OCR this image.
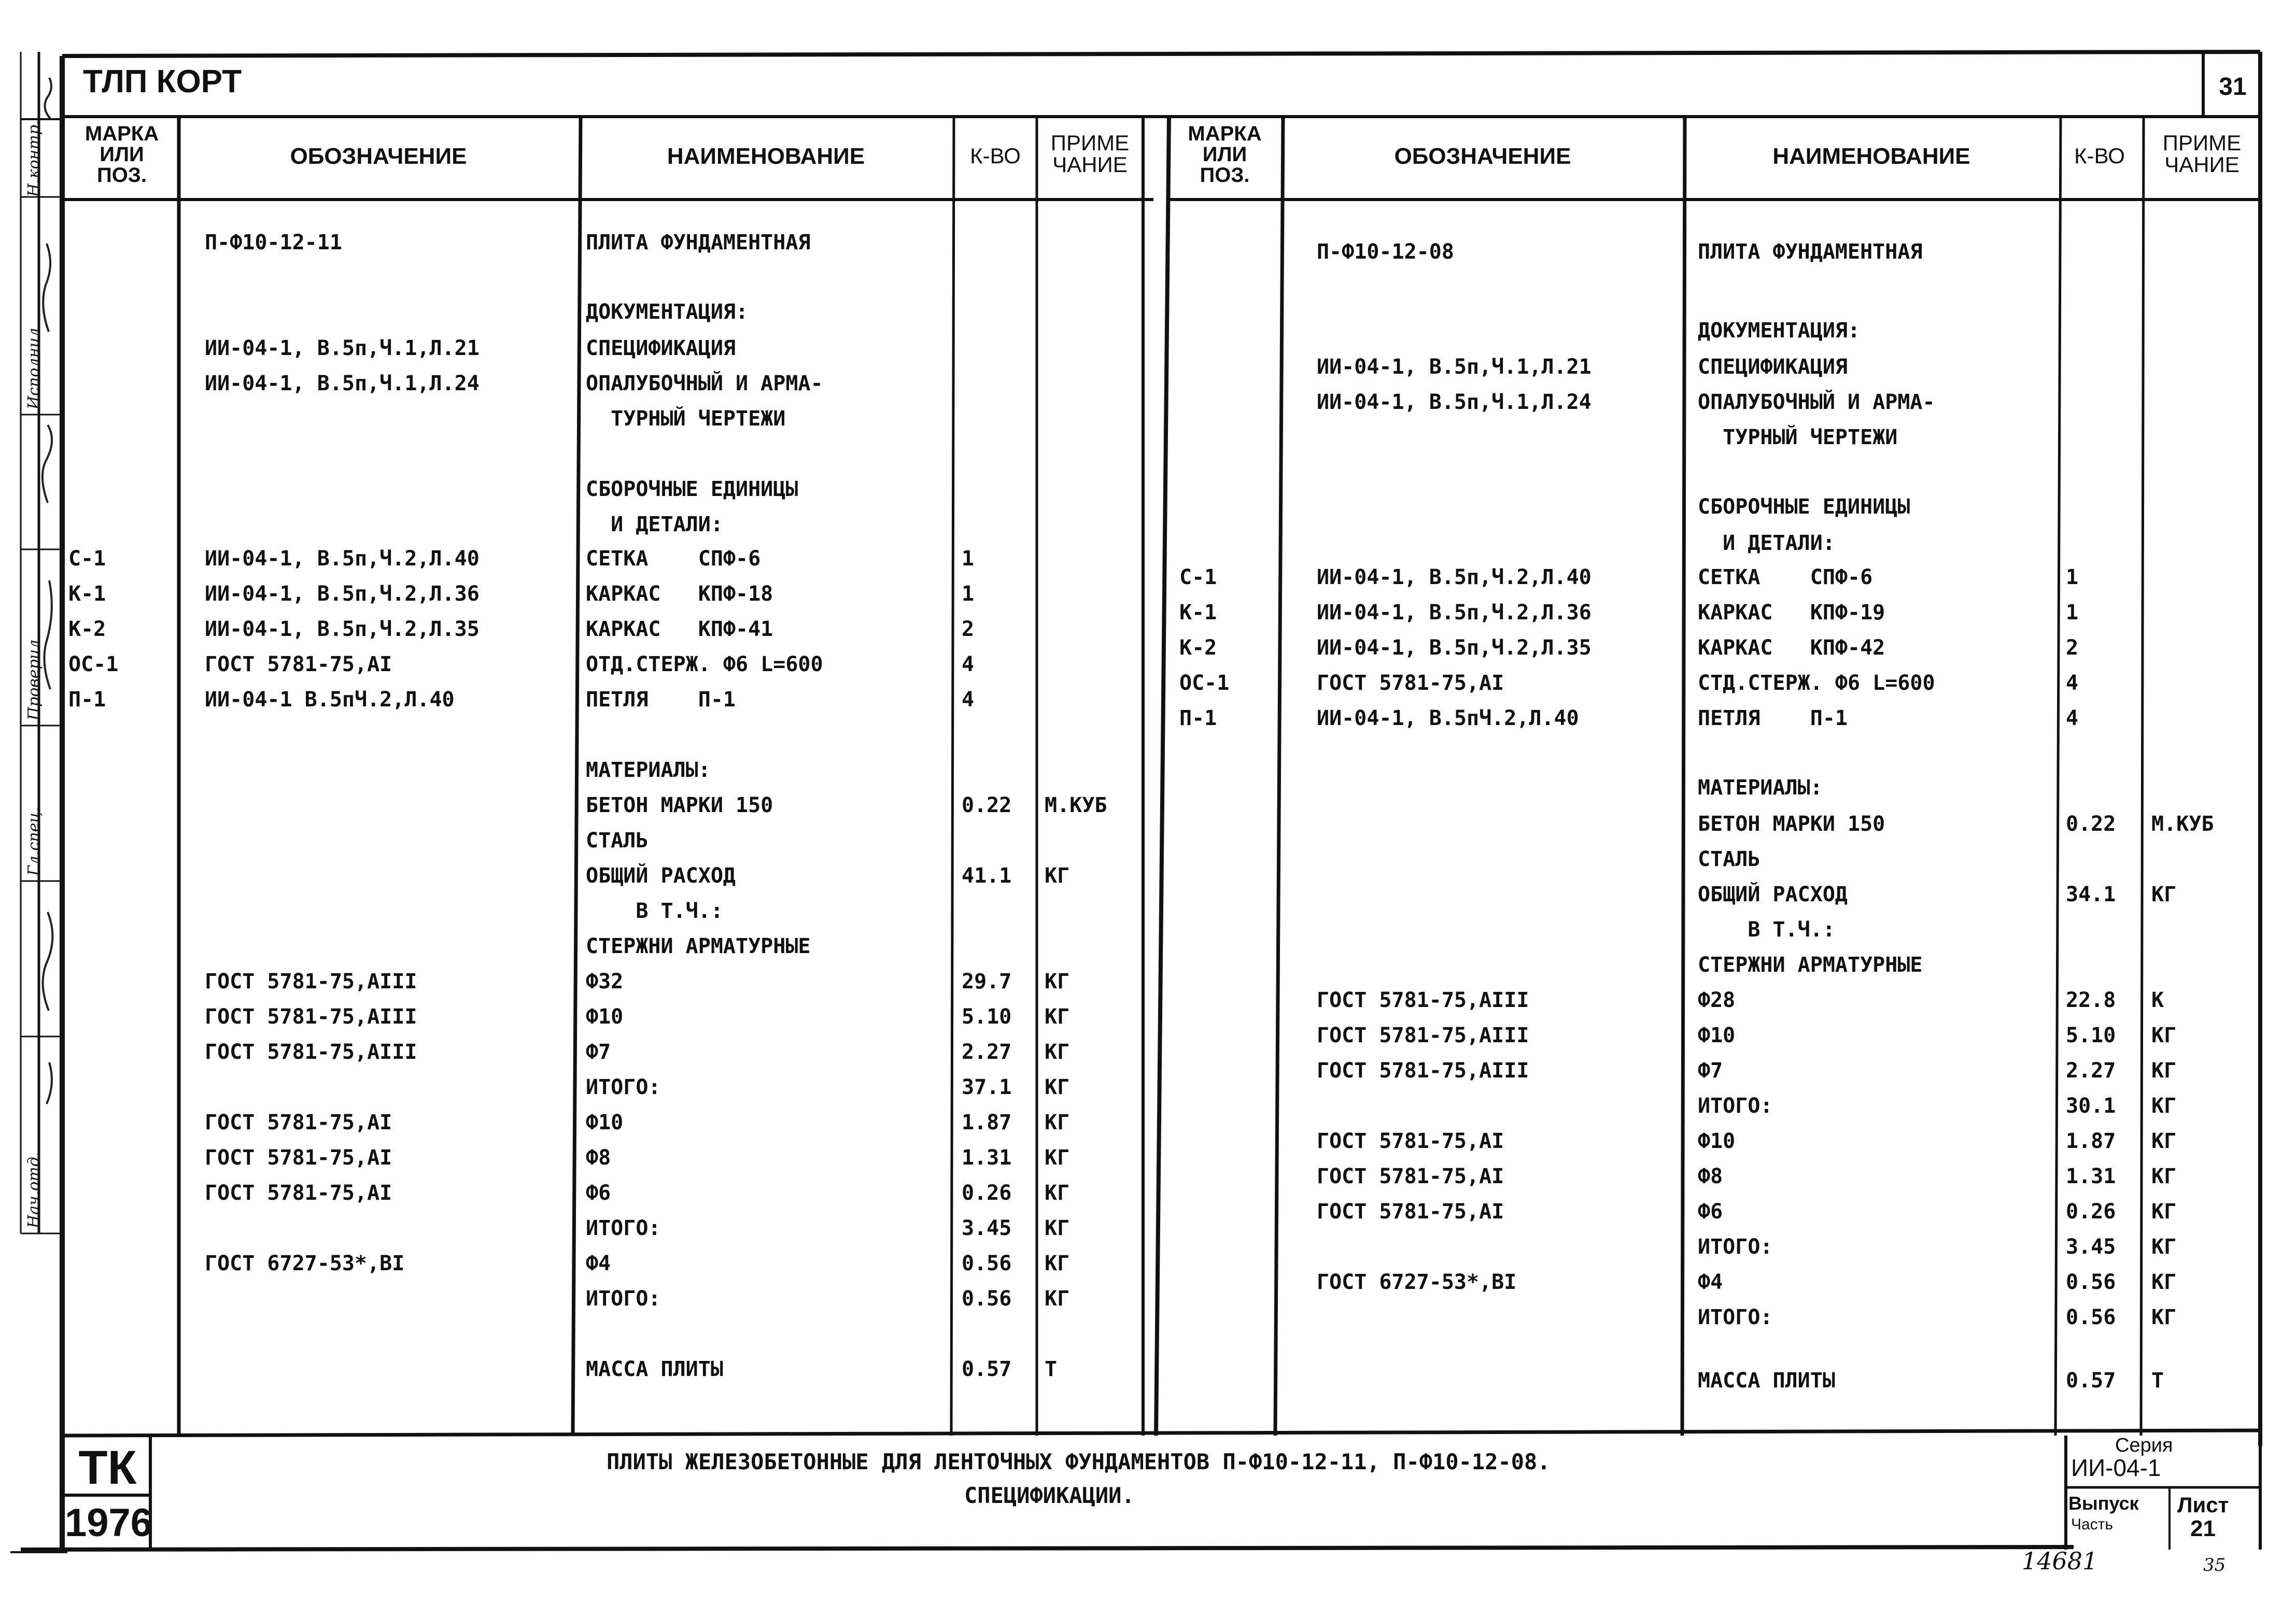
ТЛП КОРТ	31
МАРКА
ИЛИ
ПОЗ.
ОБОЗНАЧЕНИЕ	НАИМЕНОВАНИЕ	К-ВО
ПРИМЕ
ЧАНИЕ
МАРКА
ИЛИ
ПОЗ.
ОБОЗНАЧЕНИЕ	НАИМЕНОВАНИЕ	К-ВО
ПРИМЕ
ЧАНИЕ
П-Ф10-12-11	ПЛИТА ФУНДАМЕНТНАЯ
ДОКУМЕНТАЦИЯ:
ИИ-04-1, В.5п,Ч.1,Л.21	СПЕЦИФИКАЦИЯ
ИИ-04-1, В.5п,Ч.1,Л.24	ОПАЛУБОЧНЫЙ И АРМА-
ТУРНЫЙ ЧЕРТЕЖИ
СБОРОЧНЫЕ ЕДИНИЦЫ
И ДЕТАЛИ:
С-1	ИИ-04-1, В.5п,Ч.2,Л.40	СЕТКА    СПФ-6	1
К-1	ИИ-04-1, В.5п,Ч.2,Л.36	КАРКАС   КПФ-18	1
К-2	ИИ-04-1, В.5п,Ч.2,Л.35	КАРКАС   КПФ-41	2
ОС-1	ГОСТ 5781-75,AI	ОТД.СТЕРЖ. Ф6 L=600	4
П-1	ИИ-04-1 В.5пЧ.2,Л.40	ПЕТЛЯ    П-1	4
МАТЕРИАЛЫ:
БЕТОН МАРКИ 150	0.22 М.КУБ
СТАЛЬ
ОБЩИЙ РАСХОД	41.1 КГ
В Т.Ч.:
СТЕРЖНИ АРМАТУРНЫЕ
ГОСТ 5781-75,AIII	Ф32	29.7 КГ
ГОСТ 5781-75,AIII	Ф10	5.10 КГ
ГОСТ 5781-75,AIII	Ф7	2.27 КГ
ИТОГО:	37.1 КГ
ГОСТ 5781-75,AI	Ф10	1.87 КГ
ГОСТ 5781-75,AI	Ф8	1.31 КГ
ГОСТ 5781-75,AI	Ф6	0.26 КГ
ИТОГО:	3.45 КГ
ГОСТ 6727-53*,BI	Ф4	0.56 КГ
ИТОГО:	0.56 КГ
МАССА ПЛИТЫ	0.57 Т
П-Ф10-12-08	ПЛИТА ФУНДАМЕНТНАЯ
ДОКУМЕНТАЦИЯ:
ИИ-04-1, В.5п,Ч.1,Л.21	СПЕЦИФИКАЦИЯ
ИИ-04-1, В.5п,Ч.1,Л.24	ОПАЛУБОЧНЫЙ И АРМА-
ТУРНЫЙ ЧЕРТЕЖИ
СБОРОЧНЫЕ ЕДИНИЦЫ
И ДЕТАЛИ:
С-1	ИИ-04-1, В.5п,Ч.2,Л.40	СЕТКА    СПФ-6	1
К-1	ИИ-04-1, В.5п,Ч.2,Л.36	КАРКАС   КПФ-19	1
К-2	ИИ-04-1, В.5п,Ч.2,Л.35	КАРКАС   КПФ-42	2
ОС-1	ГОСТ 5781-75,AI	СТД.СТЕРЖ. Ф6 L=600	4
П-1	ИИ-04-1, В.5пЧ.2,Л.40	ПЕТЛЯ    П-1	4
МАТЕРИАЛЫ:
БЕТОН МАРКИ 150	0.22 М.КУБ
СТАЛЬ
ОБЩИЙ РАСХОД	34.1 КГ
В Т.Ч.:
СТЕРЖНИ АРМАТУРНЫЕ
ГОСТ 5781-75,AIII	Ф28	22.8 К
ГОСТ 5781-75,AIII	Ф10	5.10 КГ
ГОСТ 5781-75,AIII	Ф7	2.27 КГ
ИТОГО:	30.1 КГ
ГОСТ 5781-75,AI	Ф10	1.87 КГ
ГОСТ 5781-75,AI	Ф8	1.31 КГ
ГОСТ 5781-75,AI	Ф6	0.26 КГ
ИТОГО:	3.45 КГ
ГОСТ 6727-53*,BI	Ф4	0.56 КГ
ИТОГО:	0.56 КГ
МАССА ПЛИТЫ	0.57 Т
ТК
1976
ПЛИТЫ ЖЕЛЕЗОБЕТОННЫЕ ДЛЯ ЛЕНТОЧНЫХ ФУНДАМЕНТОВ П-Ф10-12-11, П-Ф10-12-08.
СПЕЦИФИКАЦИИ.
Серия
ИИ-04-1
Выпуск
Часть
Лист
21
14681	35
Н.контр.
Исполнил
Проверил
Гл.спец.
Нач.отд.
